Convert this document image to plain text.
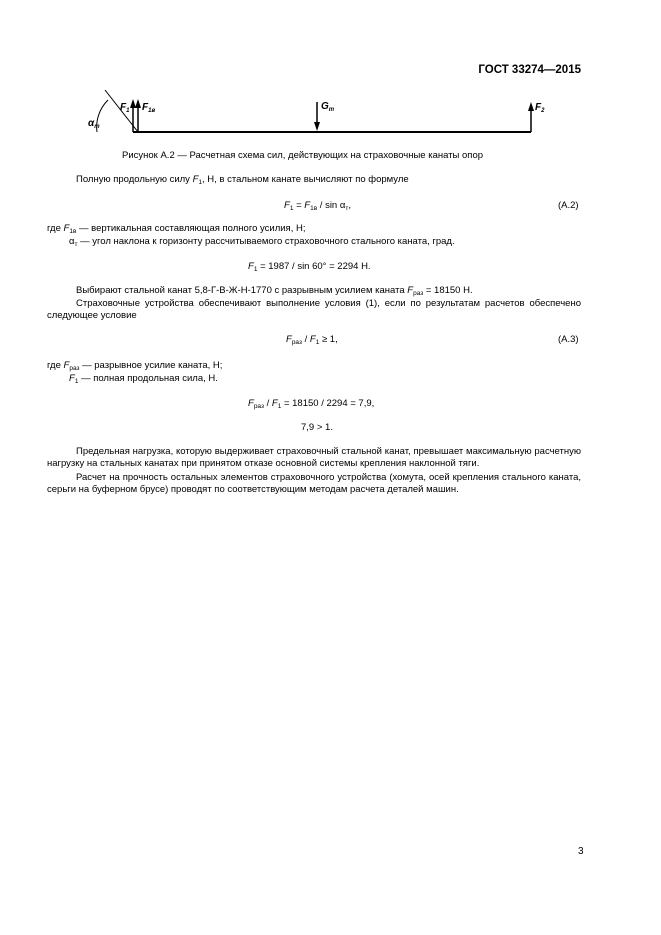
ГОСТ 33274—2015
$\alpha_т$
$F_1$ $F_{1в}$	$G_т$	$F_2$
Рисунок А.2 — Расчетная схема сил, действующих на страховочные канаты опор
Полную продольную силу $F_1$, Н, в стальном канате вычисляют по формуле
$F_1 = F_{1в} / \sin \alpha_т$,	(А.2)
где $F_{1в}$ — вертикальная составляющая полного усилия, Н;
$\alpha_т$ — угол наклона к горизонту рассчитываемого страховочного стального каната, град.
$F_1 = 1987 / \sin 60^\circ = 2294$ Н.
Выбирают стальной канат 5,8-Г-В-Ж-Н-1770 с разрывным усилием каната $F_{раз} = 18150$ Н.
Страховочные устройства обеспечивают выполнение условия (1), если по результатам расчетов обеспечено следующее условие
$F_{раз} / F_1 \ge 1$,	(А.3)
где $F_{раз}$ — разрывное усилие каната, Н;
$F_1$ — полная продольная сила, Н.
$F_{раз} / F_1 = 18150 / 2294 = 7,9$,
7,9 > 1.
Предельная нагрузка, которую выдерживает страховочный стальной канат, превышает максимальную расчетную нагрузку на стальных канатах при принятом отказе основной системы крепления наклонной тяги.
Расчет на прочность остальных элементов страховочного устройства (хомута, осей крепления стального каната, серьги на буферном брусе) проводят по соответствующим методам расчета деталей машин.
3
